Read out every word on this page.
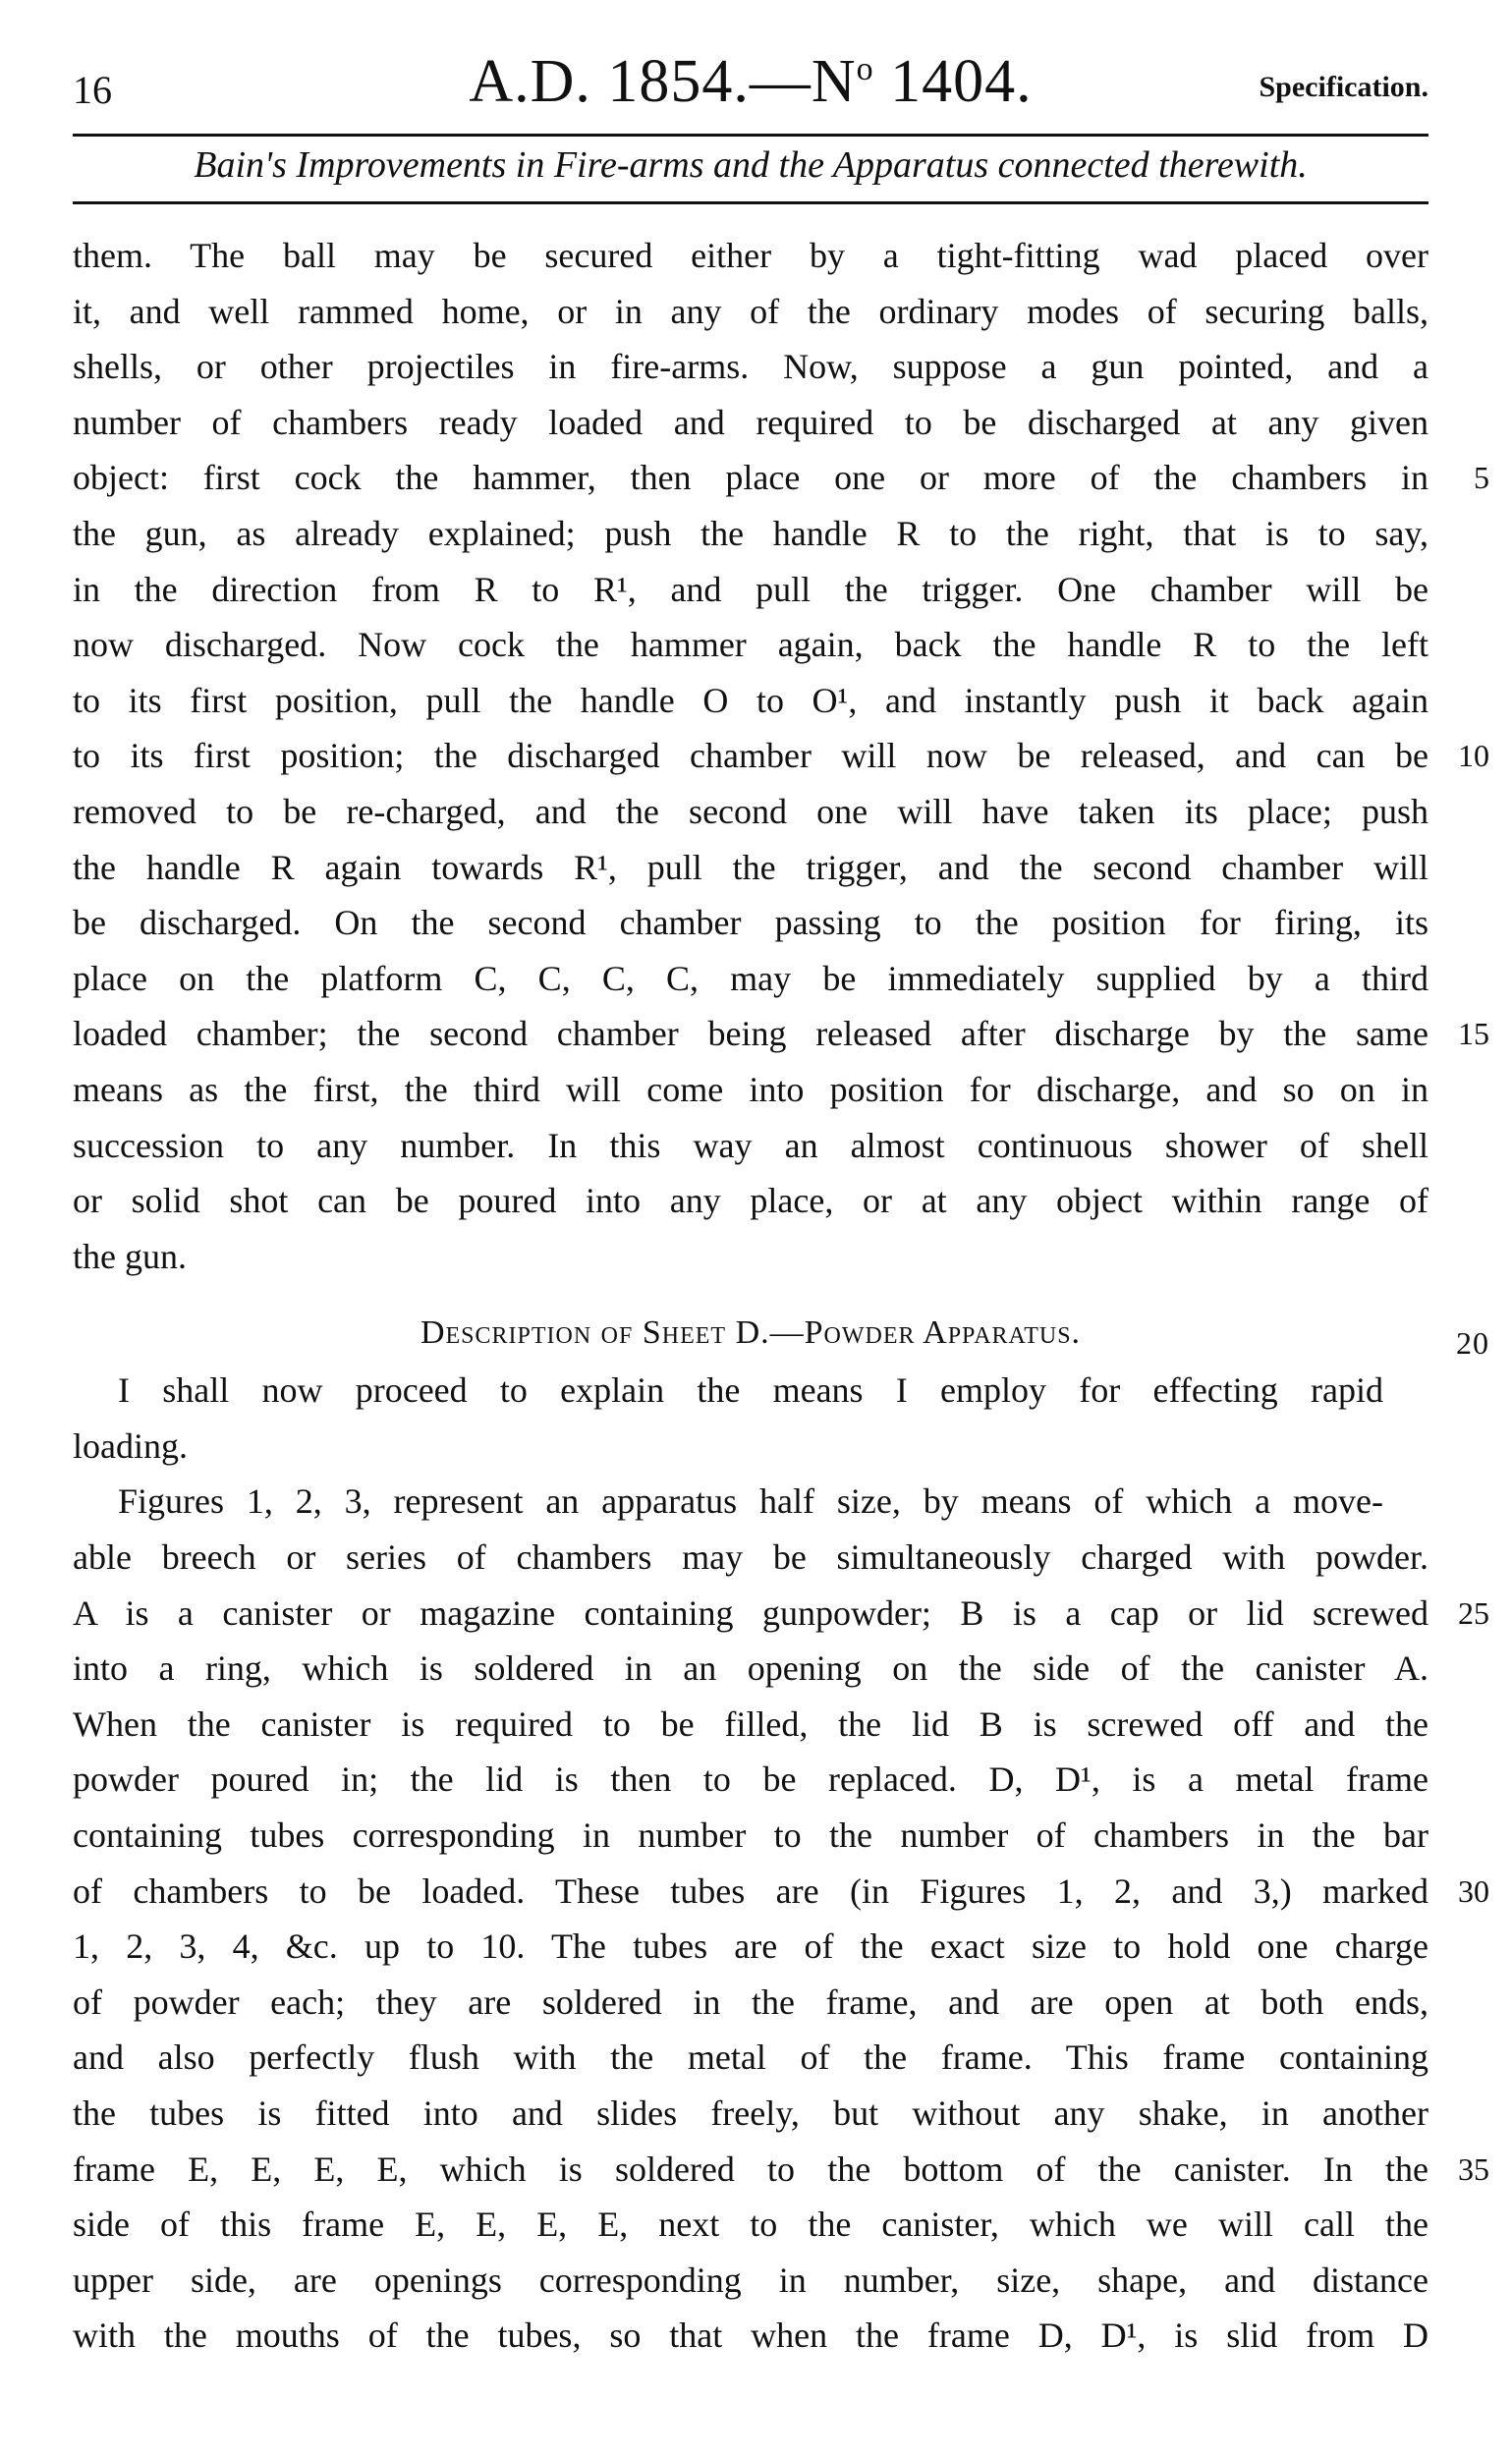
16	A.D. $1854.—N^o$ 1404.	Specification.
Bain's Improvements in Fire-arms and the Apparatus connected therewith.
them. The ball may be secured either by a tight-fitting wad placed over
it, and well rammed home, or in any of the ordinary modes of securing balls,
shells, or other projectiles in fire-arms. Now, suppose a gun pointed, and a
number of chambers ready loaded and required to be discharged at any given
object: first cock the hammer, then place one or more of the chambers in 5
the gun, as already explained; push the handle R to the right, that is to say,
in the direction from R to R¹, and pull the trigger. One chamber will be
now discharged. Now cock the hammer again, back the handle R to the left
to its first position, pull the handle O to O¹, and instantly push it back again
to its first position; the discharged chamber will now be released, and can be 10
removed to be re-charged, and the second one will have taken its place; push
the handle R again towards R¹, pull the trigger, and the second chamber will
be discharged. On the second chamber passing to the position for firing, its
place on the platform C, C, C, C, may be immediately supplied by a third
loaded chamber; the second chamber being released after discharge by the same 15
means as the first, the third will come into position for discharge, and so on in
succession to any number. In this way an almost continuous shower of shell
or solid shot can be poured into any place, or at any object within range of
the gun.
Description of Sheet D.—Powder Apparatus.	20
I shall now proceed to explain the means I employ for effecting rapid
loading.
Figures 1, 2, 3, represent an apparatus half size, by means of which a move-
able breech or series of chambers may be simultaneously charged with powder.
A is a canister or magazine containing gunpowder; B is a cap or lid screwed 25
into a ring, which is soldered in an opening on the side of the canister A.
When the canister is required to be filled, the lid B is screwed off and the
powder poured in; the lid is then to be replaced. D, D¹, is a metal frame
containing tubes corresponding in number to the number of chambers in the bar
of chambers to be loaded. These tubes are (in Figures 1, 2, and 3,) marked 30
1, 2, 3, 4, &c. up to 10. The tubes are of the exact size to hold one charge
of powder each; they are soldered in the frame, and are open at both ends,
and also perfectly flush with the metal of the frame. This frame containing
the tubes is fitted into and slides freely, but without any shake, in another
frame E, E, E, E, which is soldered to the bottom of the canister. In the 35
side of this frame E, E, E, E, next to the canister, which we will call the
upper side, are openings corresponding in number, size, shape, and distance
with the mouths of the tubes, so that when the frame D, D¹, is slid from D
